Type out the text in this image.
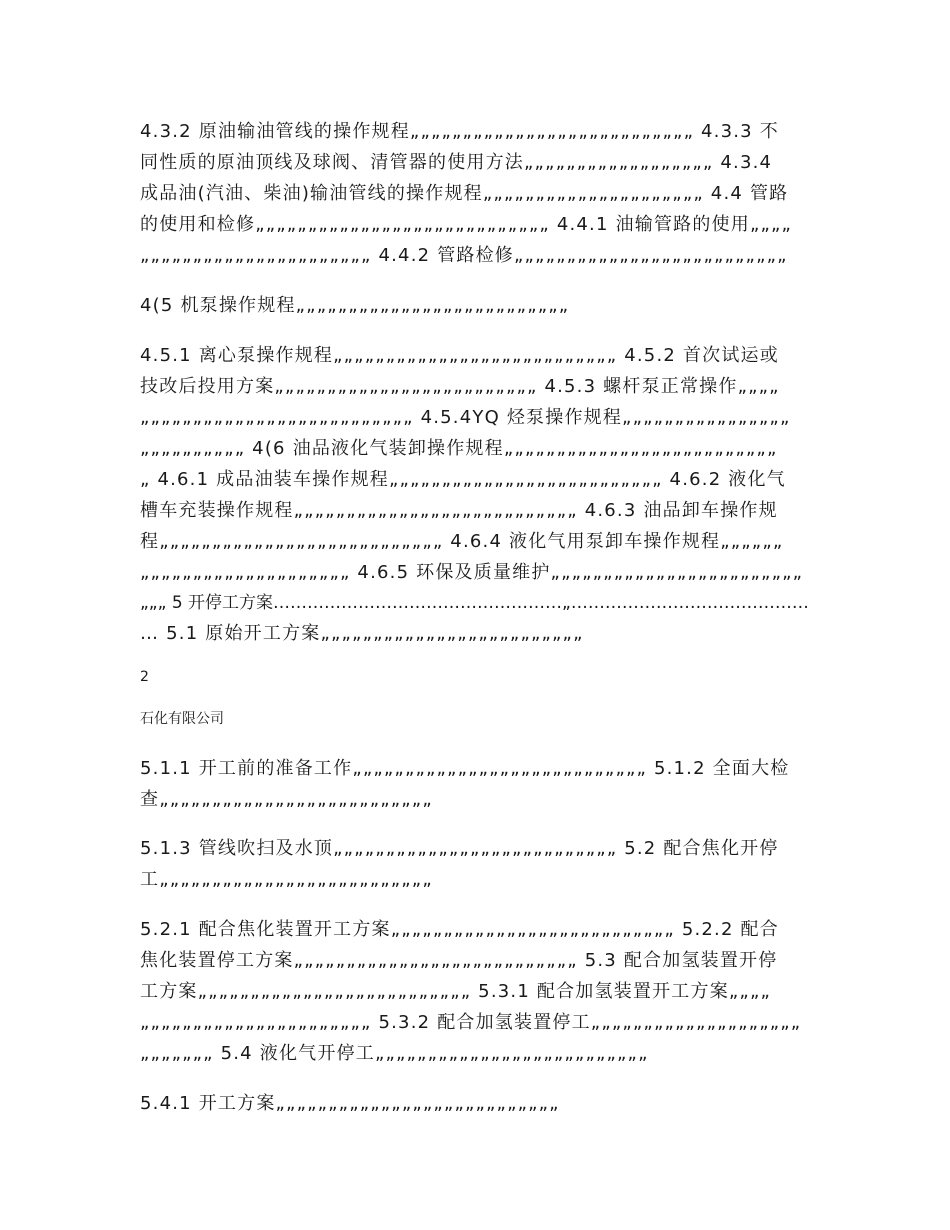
4.3.2 原油输油管线的操作规程„„„„„„„„„„„„„„„„„„„„„„„„„„„ 4.3.3 不
同性质的原油顶线及球阀、清管器的使用方法„„„„„„„„„„„„„„„„„„ 4.3.4
成品油(汽油、柴油)输油管线的操作规程„„„„„„„„„„„„„„„„„„„„„ 4.4 管路
的使用和检修„„„„„„„„„„„„„„„„„„„„„„„„„„„„ 4.4.1 油输管路的使用„„„„
„„„„„„„„„„„„„„„„„„„„„„ 4.4.2 管路检修„„„„„„„„„„„„„„„„„„„„„„„„„„
4(5 机泵操作规程„„„„„„„„„„„„„„„„„„„„„„„„„„
4.5.1 离心泵操作规程„„„„„„„„„„„„„„„„„„„„„„„„„„„ 4.5.2 首次试运或
技改后投用方案„„„„„„„„„„„„„„„„„„„„„„„„„ 4.5.3 螺杆泵正常操作„„„„
„„„„„„„„„„„„„„„„„„„„„„„„„„ 4.5.4YQ 烃泵操作规程„„„„„„„„„„„„„„„„
„„„„„„„„„„ 4(6 油品液化气装卸操作规程„„„„„„„„„„„„„„„„„„„„„„„„„„
„ 4.6.1 成品油装车操作规程„„„„„„„„„„„„„„„„„„„„„„„„„„ 4.6.2 液化气
槽车充装操作规程„„„„„„„„„„„„„„„„„„„„„„„„„„„ 4.6.3 油品卸车操作规
程„„„„„„„„„„„„„„„„„„„„„„„„„„„ 4.6.4 液化气用泵卸车操作规程„„„„„„
„„„„„„„„„„„„„„„„„„„„ 4.6.5 环保及质量维护„„„„„„„„„„„„„„„„„„„„„„„„
„„„ 5 开停工方案……………………………………………„……………………………………
… 5.1 原始开工方案„„„„„„„„„„„„„„„„„„„„„„„„„
2
石化有限公司
5.1.1 开工前的准备工作„„„„„„„„„„„„„„„„„„„„„„„„„„„„ 5.1.2 全面大检
查„„„„„„„„„„„„„„„„„„„„„„„„„„
5.1.3 管线吹扫及水顶„„„„„„„„„„„„„„„„„„„„„„„„„„„ 5.2 配合焦化开停
工„„„„„„„„„„„„„„„„„„„„„„„„„„
5.2.1 配合焦化装置开工方案„„„„„„„„„„„„„„„„„„„„„„„„„„„ 5.2.2 配合
焦化装置停工方案„„„„„„„„„„„„„„„„„„„„„„„„„„„ 5.3 配合加氢装置开停
工方案„„„„„„„„„„„„„„„„„„„„„„„„„„ 5.3.1 配合加氢装置开工方案„„„„
„„„„„„„„„„„„„„„„„„„„„„ 5.3.2 配合加氢装置停工„„„„„„„„„„„„„„„„„„„„
„„„„„„„ 5.4 液化气开停工„„„„„„„„„„„„„„„„„„„„„„„„„„
5.4.1 开工方案„„„„„„„„„„„„„„„„„„„„„„„„„„„
